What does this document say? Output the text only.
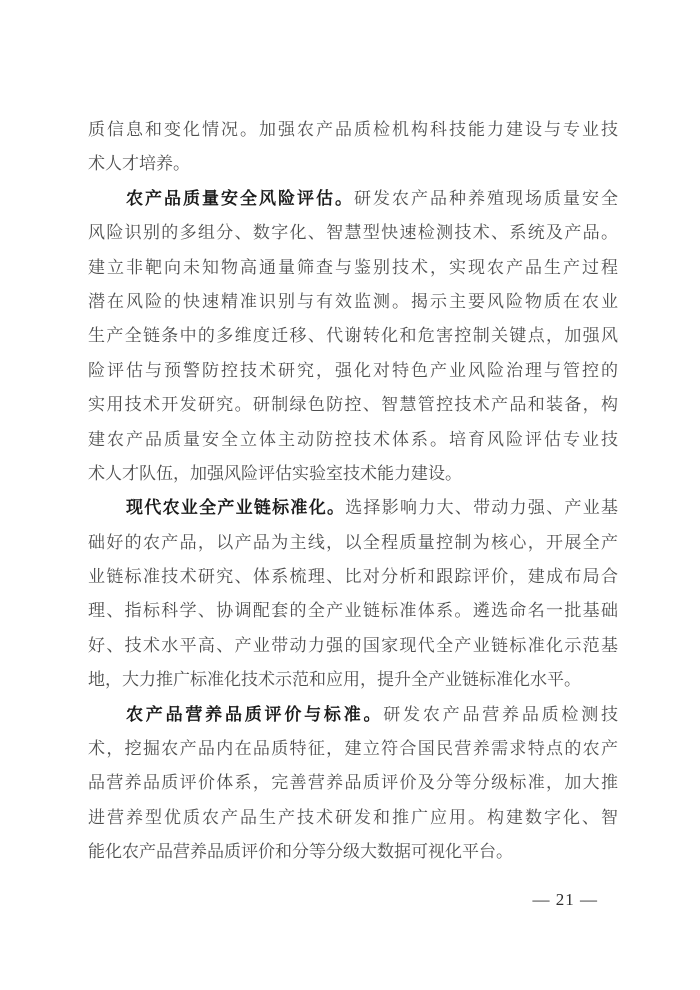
质信息和变化情况。加强农产品质检机构科技能力建设与专业技
术人才培养。
农产品质量安全风险评估。研发农产品种养殖现场质量安全
风险识别的多组分、数字化、智慧型快速检测技术、系统及产品。
建立非靶向未知物高通量筛查与鉴别技术，实现农产品生产过程
潜在风险的快速精准识别与有效监测。揭示主要风险物质在农业
生产全链条中的多维度迁移、代谢转化和危害控制关键点，加强风
险评估与预警防控技术研究，强化对特色产业风险治理与管控的
实用技术开发研究。研制绿色防控、智慧管控技术产品和装备，构
建农产品质量安全立体主动防控技术体系。培育风险评估专业技
术人才队伍，加强风险评估实验室技术能力建设。
现代农业全产业链标准化。选择影响力大、带动力强、产业基
础好的农产品，以产品为主线，以全程质量控制为核心，开展全产
业链标准技术研究、体系梳理、比对分析和跟踪评价，建成布局合
理、指标科学、协调配套的全产业链标准体系。遴选命名一批基础
好、技术水平高、产业带动力强的国家现代全产业链标准化示范基
地，大力推广标准化技术示范和应用，提升全产业链标准化水平。
农产品营养品质评价与标准。研发农产品营养品质检测技
术，挖掘农产品内在品质特征，建立符合国民营养需求特点的农产
品营养品质评价体系，完善营养品质评价及分等分级标准，加大推
进营养型优质农产品生产技术研发和推广应用。构建数字化、智
能化农产品营养品质评价和分等分级大数据可视化平台。
— 21 —
